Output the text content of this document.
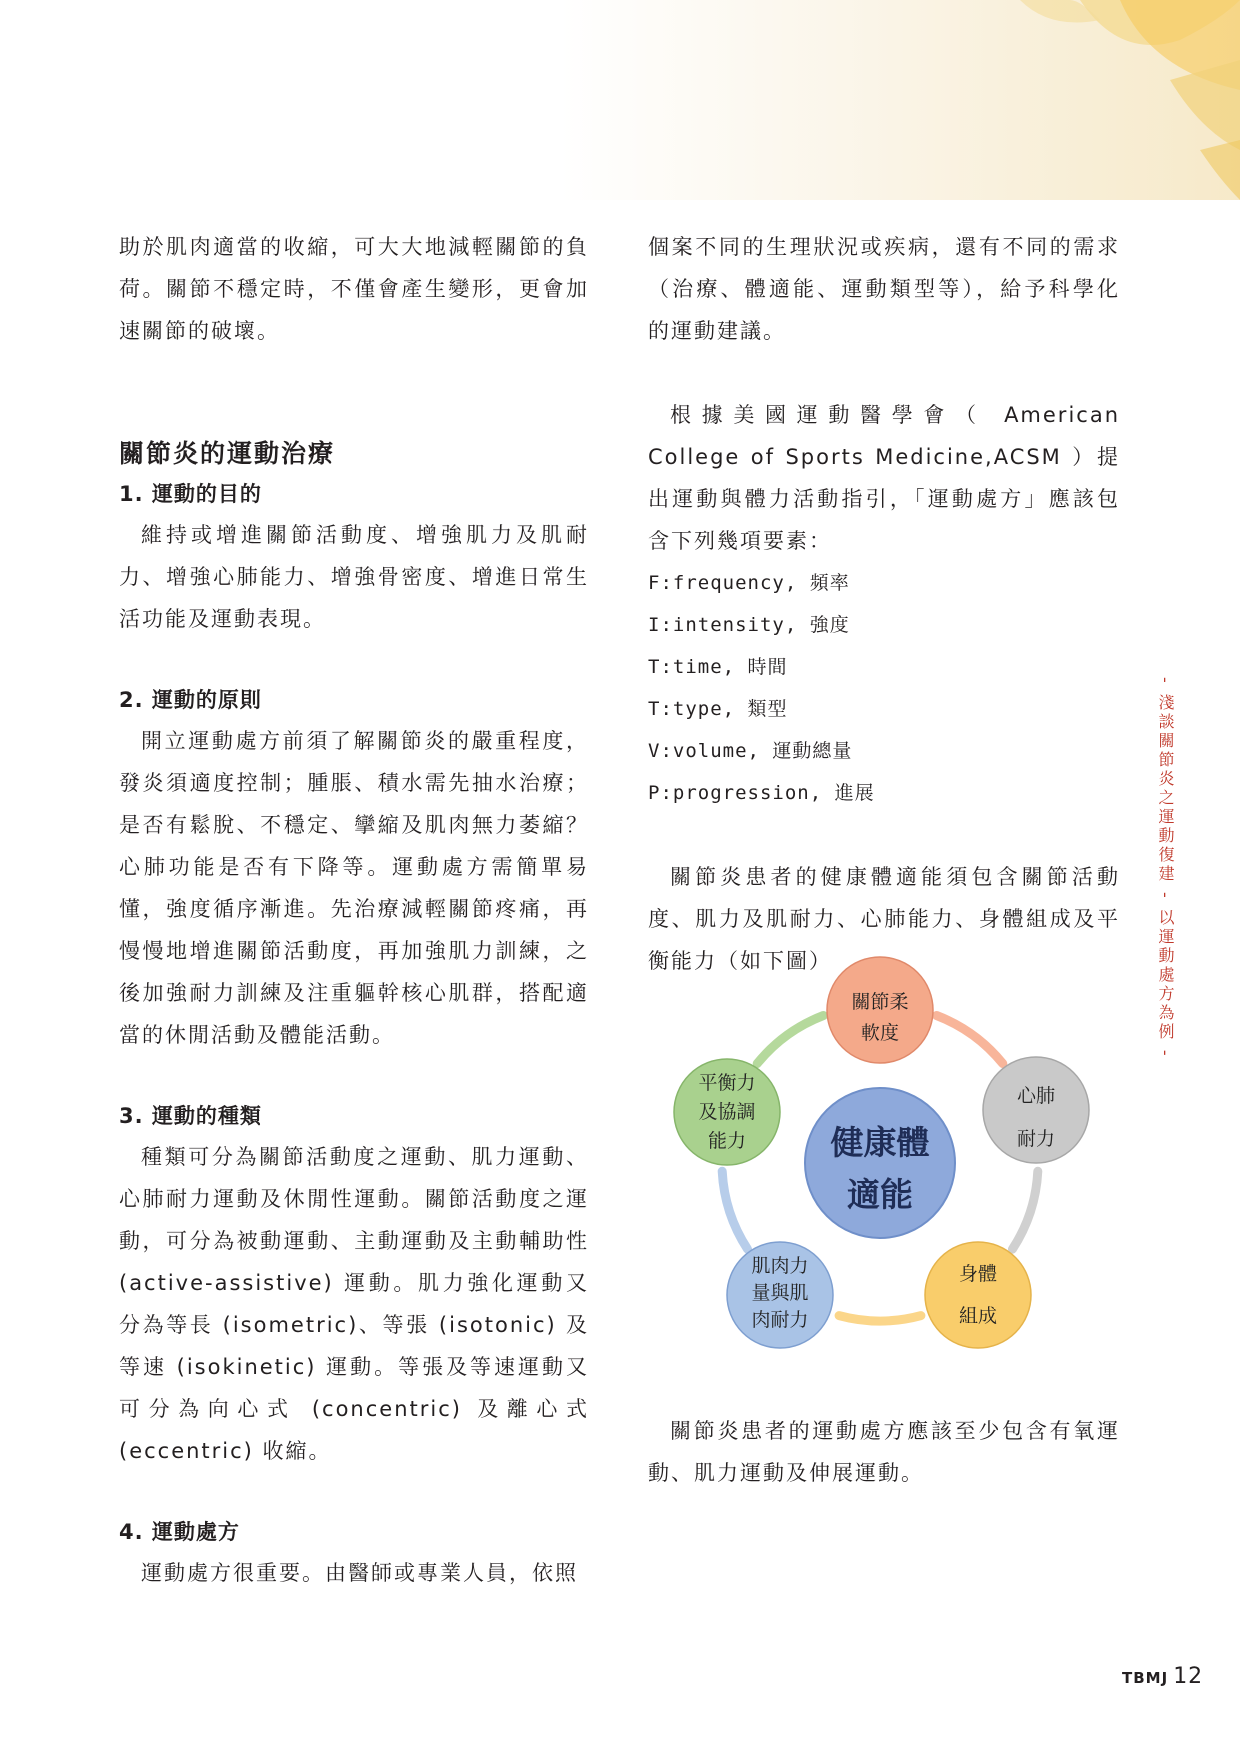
助於肌肉適當的收縮，可大大地減輕關節的負荷。關節不穩定時，不僅會產生變形，更會加速關節的破壞。

關節炎的運動治療
1. 運動的目的

維持或增進關節活動度、增強肌力及肌耐力、增強心肺能力、增強骨密度、增進日常生活功能及運動表現。

2. 運動的原則

開立運動處方前須了解關節炎的嚴重程度，發炎須適度控制；腫脹、積水需先抽水治療；是否有鬆脫、不穩定、攣縮及肌肉無力萎縮？心肺功能是否有下降等。運動處方需簡單易懂，強度循序漸進。先治療減輕關節疼痛，再慢慢地增進關節活動度，再加強肌力訓練，之後加強耐力訓練及注重軀幹核心肌群，搭配適當的休閒活動及體能活動。

3. 運動的種類

種類可分為關節活動度之運動、肌力運動、心肺耐力運動及休閒性運動。關節活動度之運動，可分為被動運動、主動運動及主動輔助性 (active-assistive) 運動。肌力強化運動又分為等長 (isometric)、等張 (isotonic) 及等速 (isokinetic) 運動。等張及等速運動又可分為向心式 (concentric) 及離心式 (eccentric) 收縮。

4. 運動處方

運動處方很重要。由醫師或專業人員，依照

個案不同的生理狀況或疾病，還有不同的需求（治療、體適能、運動類型等），給予科學化的運動建議。

根據美國運動醫學會（ American College of Sports Medicine,ACSM ）提出運動與體力活動指引，「運動處方」應該包含下列幾項要素：

F:frequency, 頻率

I:intensity, 強度

T:time, 時間

T:type, 類型

V:volume, 運動總量

P:progression, 進展

關節炎患者的健康體適能須包含關節活動度、肌力及肌耐力、心肺能力、身體組成及平衡能力（如下圖）

關節炎患者的運動處方應該至少包含有氧運動、肌力運動及伸展運動。

健康體
適能
關節柔
軟度
心肺
耐力
身體
組成
肌肉力
量與肌
肉耐力
平衡力
及協調
能力
- 淺談關節炎之運動復建 - 以運動處方為例 -
TBMJ 12
